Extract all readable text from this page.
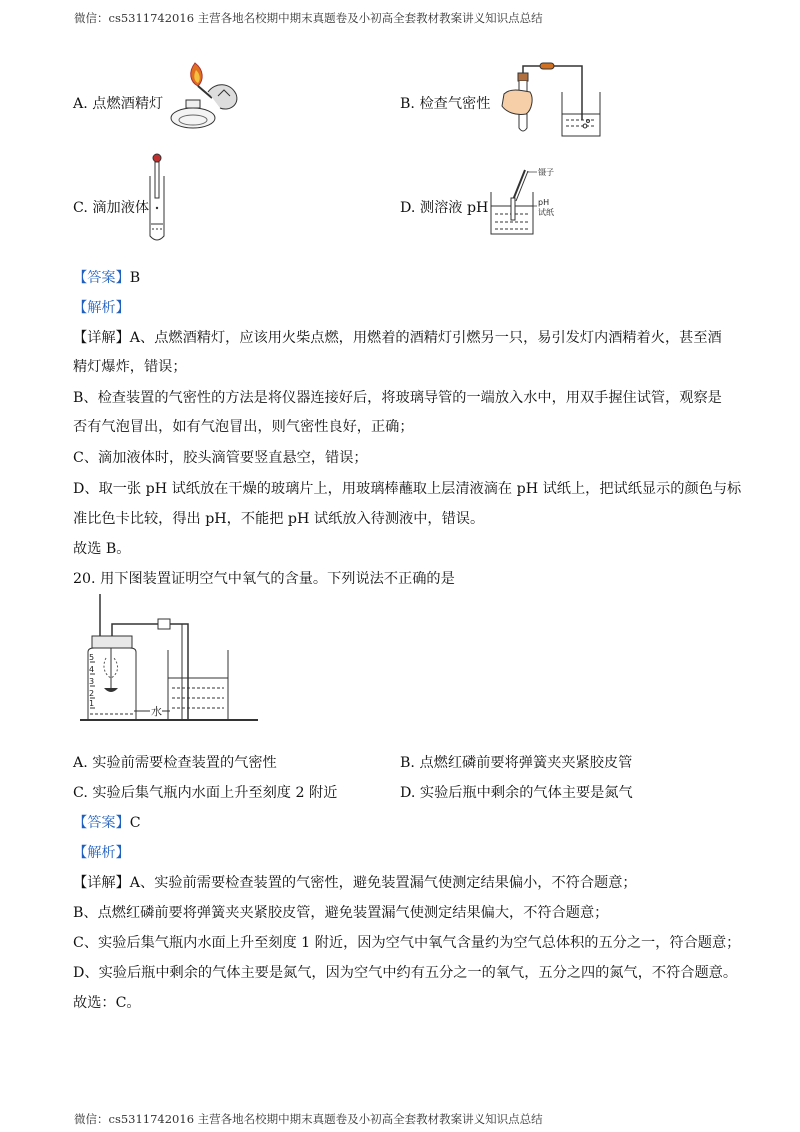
微信：cs5311742016 主营各地名校期中期末真题卷及小初高全套教材教案讲义知识点总结
A. 点燃酒精灯	B. 检查气密性
C. 滴加液体	D. 测溶液 pH
镊子
pH
试纸
【答案】B
【解析】
【详解】A、点燃酒精灯，应该用火柴点燃，用燃着的酒精灯引燃另一只，易引发灯内酒精着火，甚至酒
精灯爆炸，错误；
B、检查装置的气密性的方法是将仪器连接好后，将玻璃导管的一端放入水中，用双手握住试管，观察是
否有气泡冒出，如有气泡冒出，则气密性良好，正确；
C、滴加液体时，胶头滴管要竖直悬空，错误；
D、取一张 pH 试纸放在干燥的玻璃片上，用玻璃棒蘸取上层清液滴在 pH 试纸上，把试纸显示的颜色与标
准比色卡比较，得出 pH，不能把 pH 试纸放入待测液中，错误。
故选 B。
20. 用下图装置证明空气中氧气的含量。下列说法不正确的是
5
4
3
2
1
水
A. 实验前需要检查装置的气密性	B. 点燃红磷前要将弹簧夹夹紧胶皮管
C. 实验后集气瓶内水面上升至刻度 2 附近	D. 实验后瓶中剩余的气体主要是氮气
【答案】C
【解析】
【详解】A、实验前需要检查装置的气密性，避免装置漏气使测定结果偏小，不符合题意；
B、点燃红磷前要将弹簧夹夹紧胶皮管，避免装置漏气使测定结果偏大，不符合题意；
C、实验后集气瓶内水面上升至刻度 1 附近，因为空气中氧气含量约为空气总体积的五分之一，符合题意；
D、实验后瓶中剩余的气体主要是氮气，因为空气中约有五分之一的氧气，五分之四的氮气，不符合题意。
故选：C。
微信：cs5311742016 主营各地名校期中期末真题卷及小初高全套教材教案讲义知识点总结
